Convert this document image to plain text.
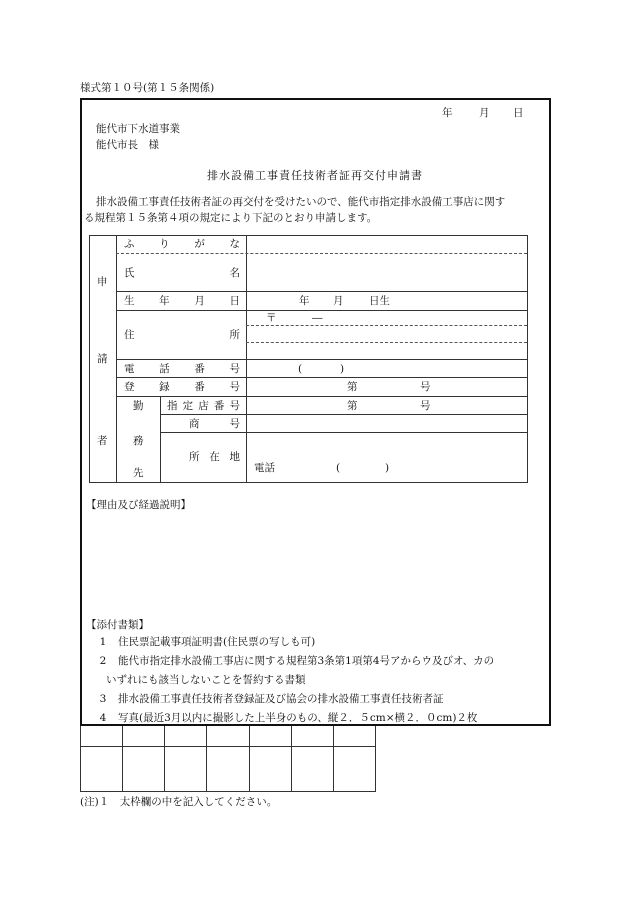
様式第１０号(第１５条関係)
年	月 日
能代市下水道事業
能代市長　様
排水設備工事責任技術者証再交付申請書
排水設備工事責任技術者証の再交付を受けたいので、能代市指定排水設備工事店に関す
る規程第１５条第４項の規定により下記のとおり申請します。
申
請
者
ふ り が な
氏	名
生 年 月 日	年 月 日生
住	所
〒	―
電 話 番 号	(	)
登 録 番 号	第	号
勤
務
先
指 定 店 番 号	第	号
商	号
所 在 地
電話	(	)
【理由及び経過説明】
【添付書類】
1
2

3
4
住民票記載事項証明書(住民票の写しも可)
能代市指定排水設備工事店に関する規程第3条第1項第4号アからウ及びオ、カの
いずれにも該当しないことを誓約する書類
排水設備工事責任技術者登録証及び協会の排水設備工事責任技術者証
写真(最近3月以内に撮影した上半身のもの、縦２．５cm×横２．０cm)２枚
(注)１　太枠欄の中を記入してください。
